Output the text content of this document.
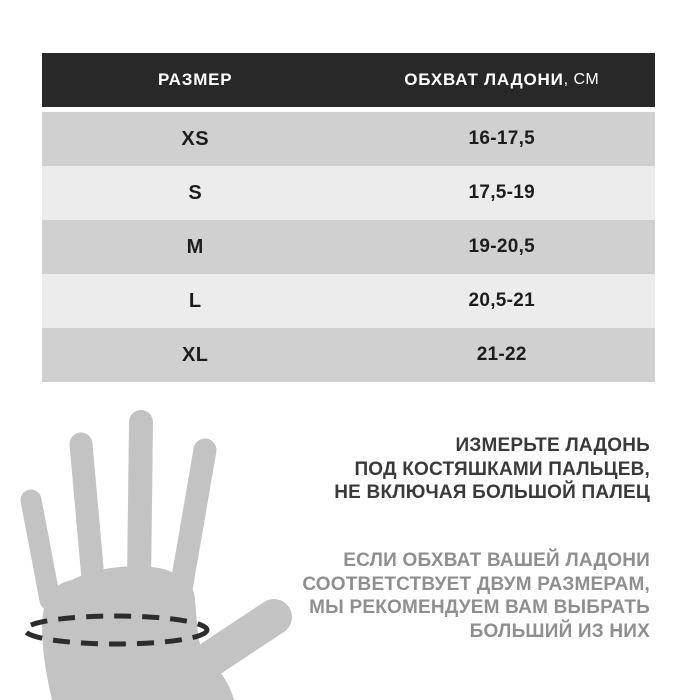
РАЗМЕР	ОБХВАТ ЛАДОНИ , СМ
XS	16-17,5
S	17,5-19
M	19-20,5
L	20,5-21
XL	21-22
ИЗМЕРЬТЕ ЛАДОНЬ
ПОД КОСТЯШКАМИ ПАЛЬЦЕВ,
НЕ ВКЛЮЧАЯ БОЛЬШОЙ ПАЛЕЦ
ЕСЛИ ОБХВАТ ВАШЕЙ ЛАДОНИ
СООТВЕТСТВУЕТ ДВУМ РАЗМЕРАМ,
МЫ РЕКОМЕНДУЕМ ВАМ ВЫБРАТЬ
БОЛЬШИЙ ИЗ НИХ
